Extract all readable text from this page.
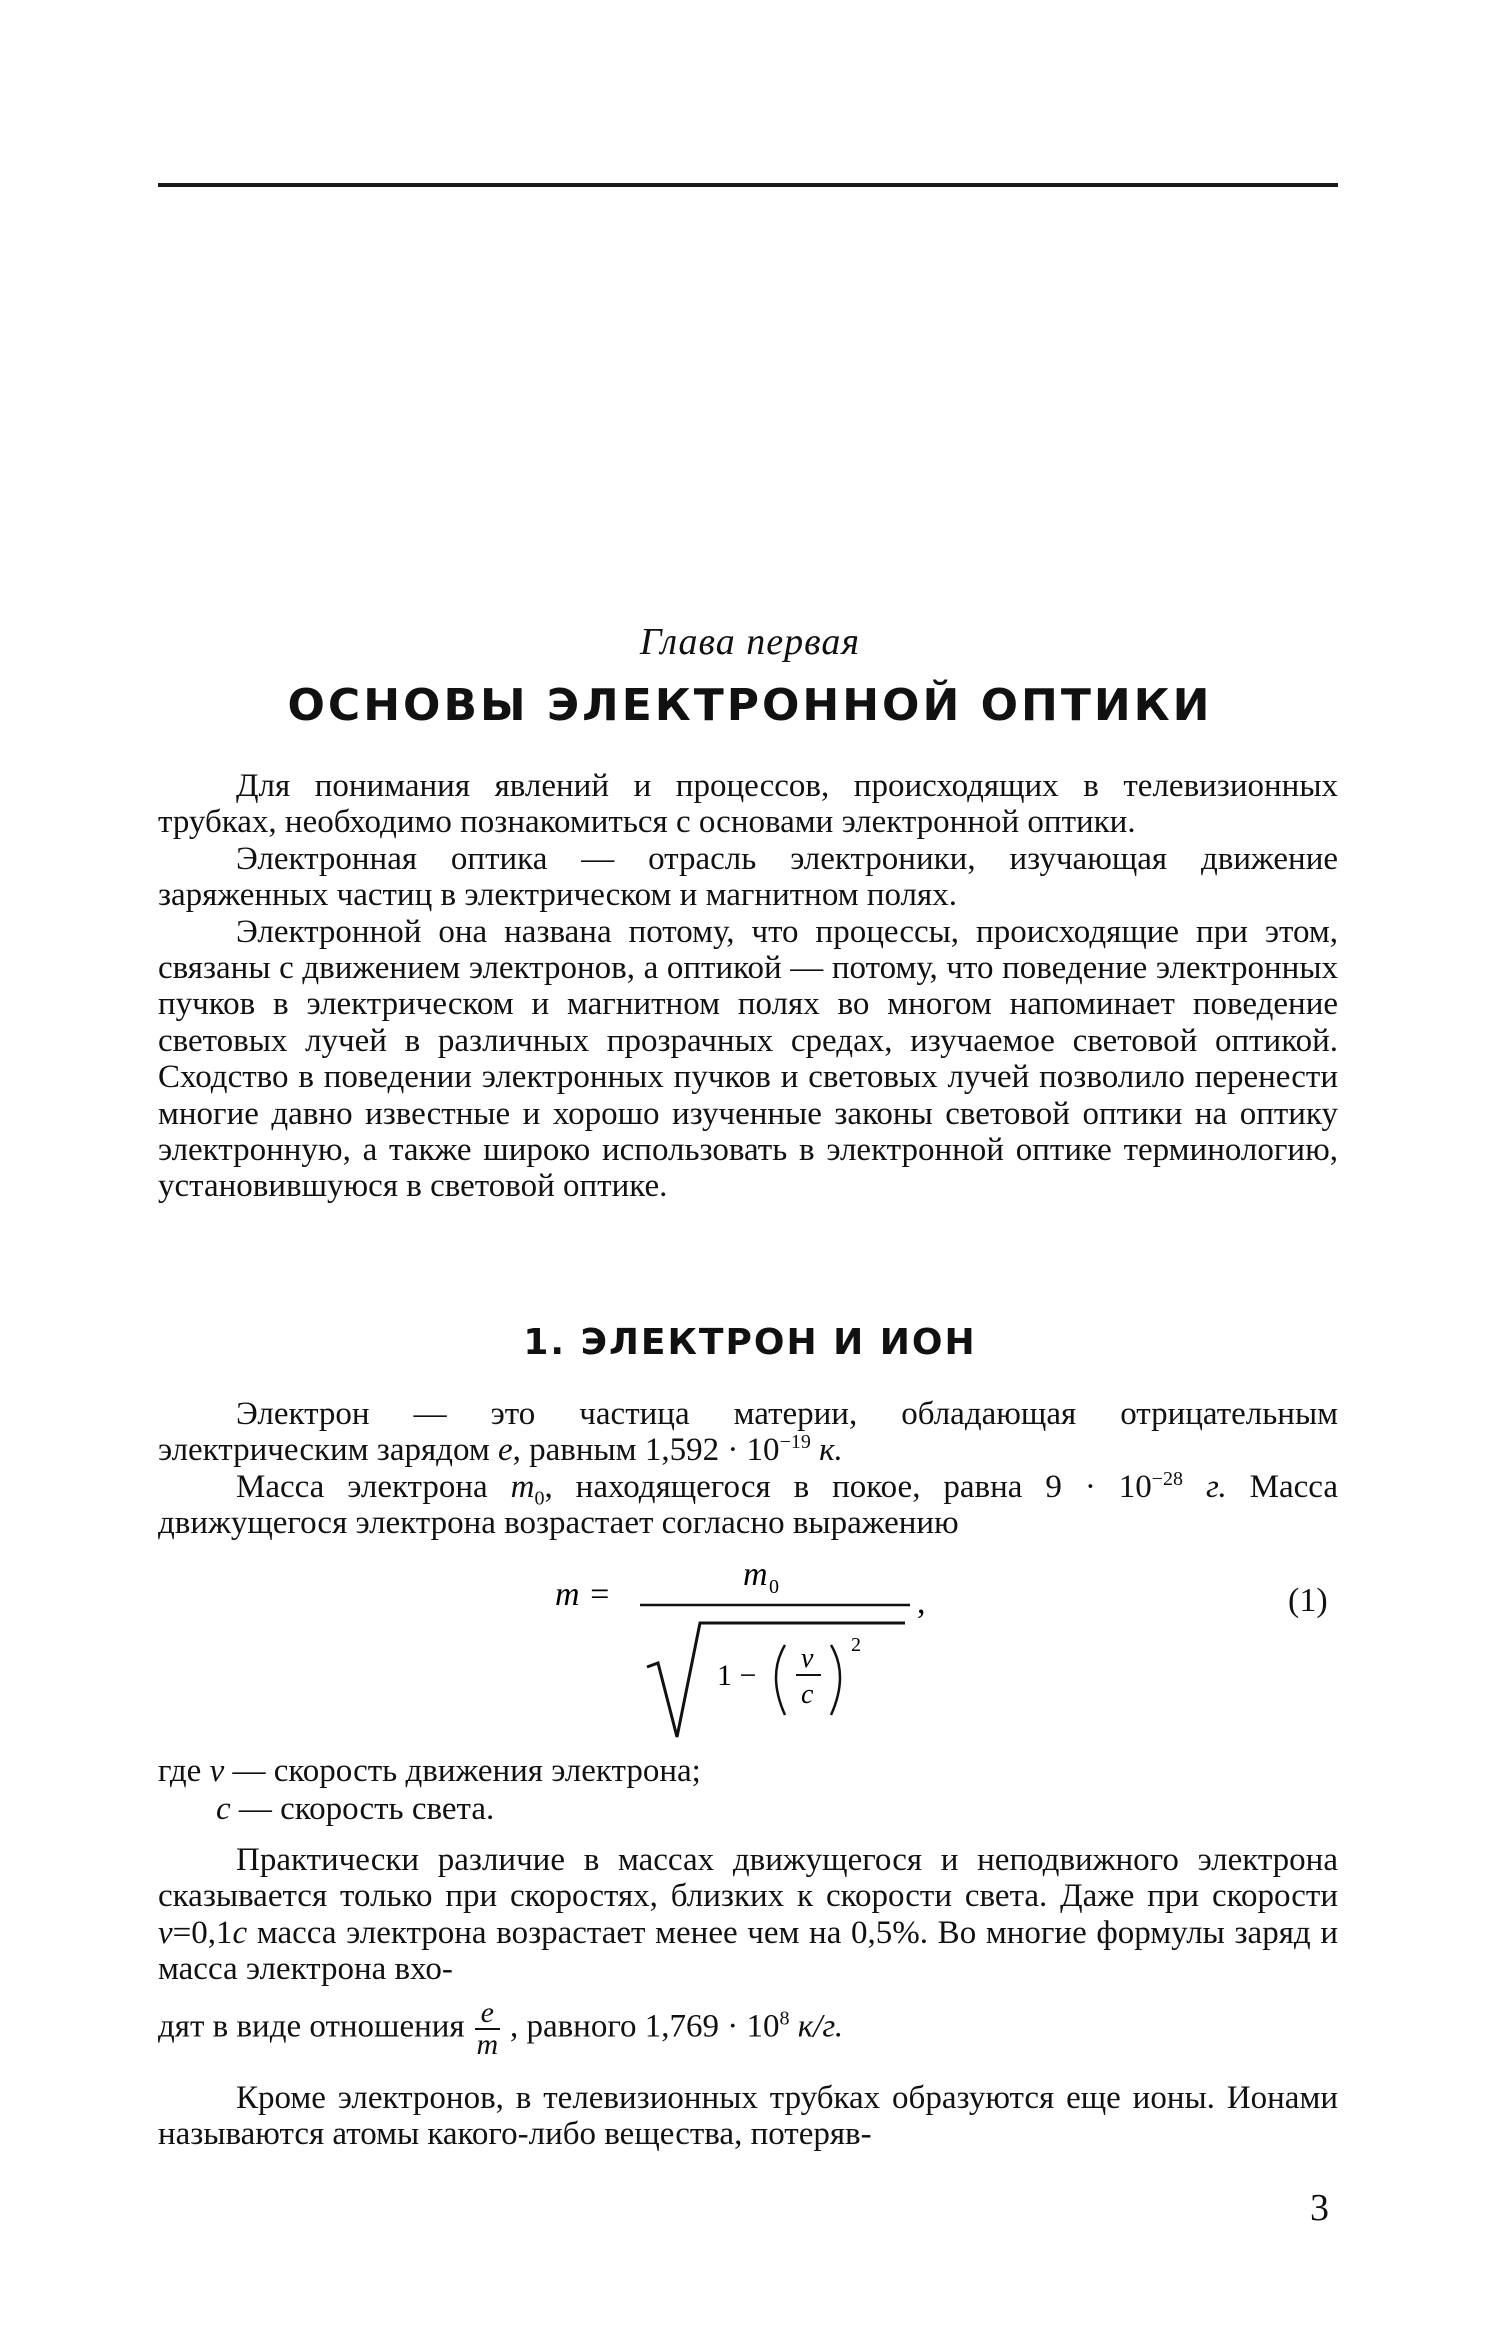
Глава первая
ОСНОВЫ ЭЛЕКТРОННОЙ ОПТИКИ

Для понимания явлений и процессов, происходящих в телевизионных трубках, необходимо познакомиться с основами электронной оптики.

Электронная оптика — отрасль электроники, изучающая движение заряженных частиц в электрическом и магнитном полях.

Электронной она названа потому, что процессы, происходящие при этом, связаны с движением электронов, а оптикой — потому, что поведение электронных пучков в электрическом и магнитном полях во многом напоминает поведение световых лучей в различных прозрачных средах, изучаемое световой оптикой. Сходство в поведении электронных пучков и световых лучей позволило перенести многие давно известные и хорошо изученные законы световой оптики на оптику электронную, а также широко использовать в электронной оптике терминологию, установившуюся в световой оптике.

1. ЭЛЕКТРОН И ИОН

Электрон — это частица материи, обладающая отрицательным электрическим зарядом e, равным $1,592 \cdot 10^{-19}$ к.

Масса электрона $m_0$, находящегося в покое, равна $9 \cdot 10^{-28}$ г. Масса движущегося электрона возрастает согласно выражению

m =
m 0
1 −
v
c
2
,	(1)

где v — скорость движения электрона;

c — скорость света.

Практически различие в массах движущегося и неподвижного электрона сказывается только при скоростях, близких к скорости света. Даже при скорости v=0,1c масса электрона возрастает менее чем на 0,5%. Во многие формулы заряд и масса электрона вхо-

дят в виде отношения $\frac{e}{m}$ , равного $1,769 \cdot 10^8$ к/г.

Кроме электронов, в телевизионных трубках образуются еще ионы. Ионами называются атомы какого-либо вещества, потеряв-

3
